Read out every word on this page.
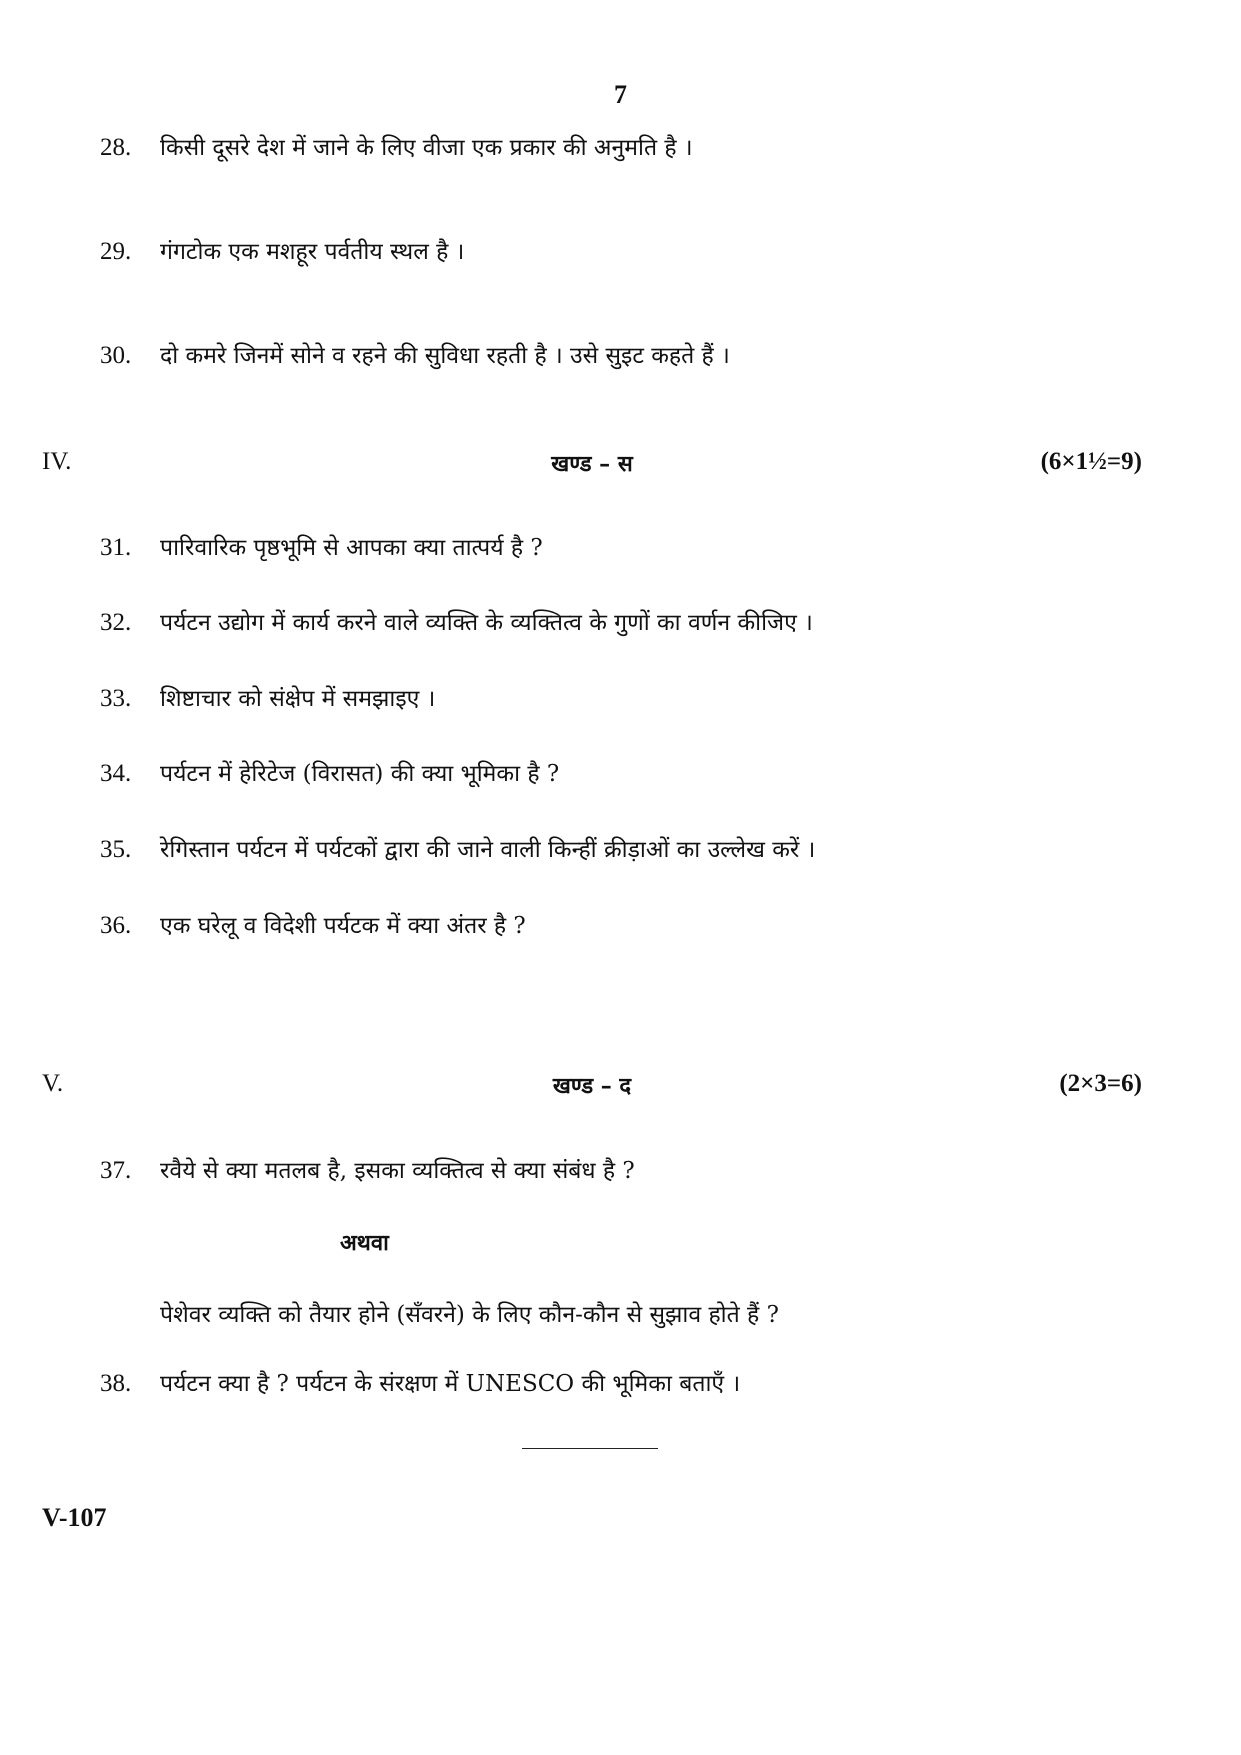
7
28. किसी दूसरे देश में जाने के लिए वीजा एक प्रकार की अनुमति है ।
29. गंगटोक एक मशहूर पर्वतीय स्थल है ।
30. दो कमरे जिनमें सोने व रहने की सुविधा रहती है । उसे सुइट कहते हैं ।
IV.	खण्ड – स	(6×1½=9)
31. पारिवारिक पृष्ठभूमि से आपका क्या तात्पर्य है ?
32. पर्यटन उद्योग में कार्य करने वाले व्यक्ति के व्यक्तित्व के गुणों का वर्णन कीजिए ।
33. शिष्टाचार को संक्षेप में समझाइए ।
34. पर्यटन में हेरिटेज (विरासत) की क्या भूमिका है ?
35. रेगिस्तान पर्यटन में पर्यटकों द्वारा की जाने वाली किन्हीं क्रीड़ाओं का उल्लेख करें ।
36. एक घरेलू व विदेशी पर्यटक में क्या अंतर है ?
V.	खण्ड – द	(2×3=6)
37. रवैये से क्या मतलब है, इसका व्यक्तित्व से क्या संबंध है ?
अथवा
पेशेवर व्यक्ति को तैयार होने (सँवरने) के लिए कौन-कौन से सुझाव होते हैं ?
38. पर्यटन क्या है ? पर्यटन के संरक्षण में UNESCO की भूमिका बताएँ ।
V-107
